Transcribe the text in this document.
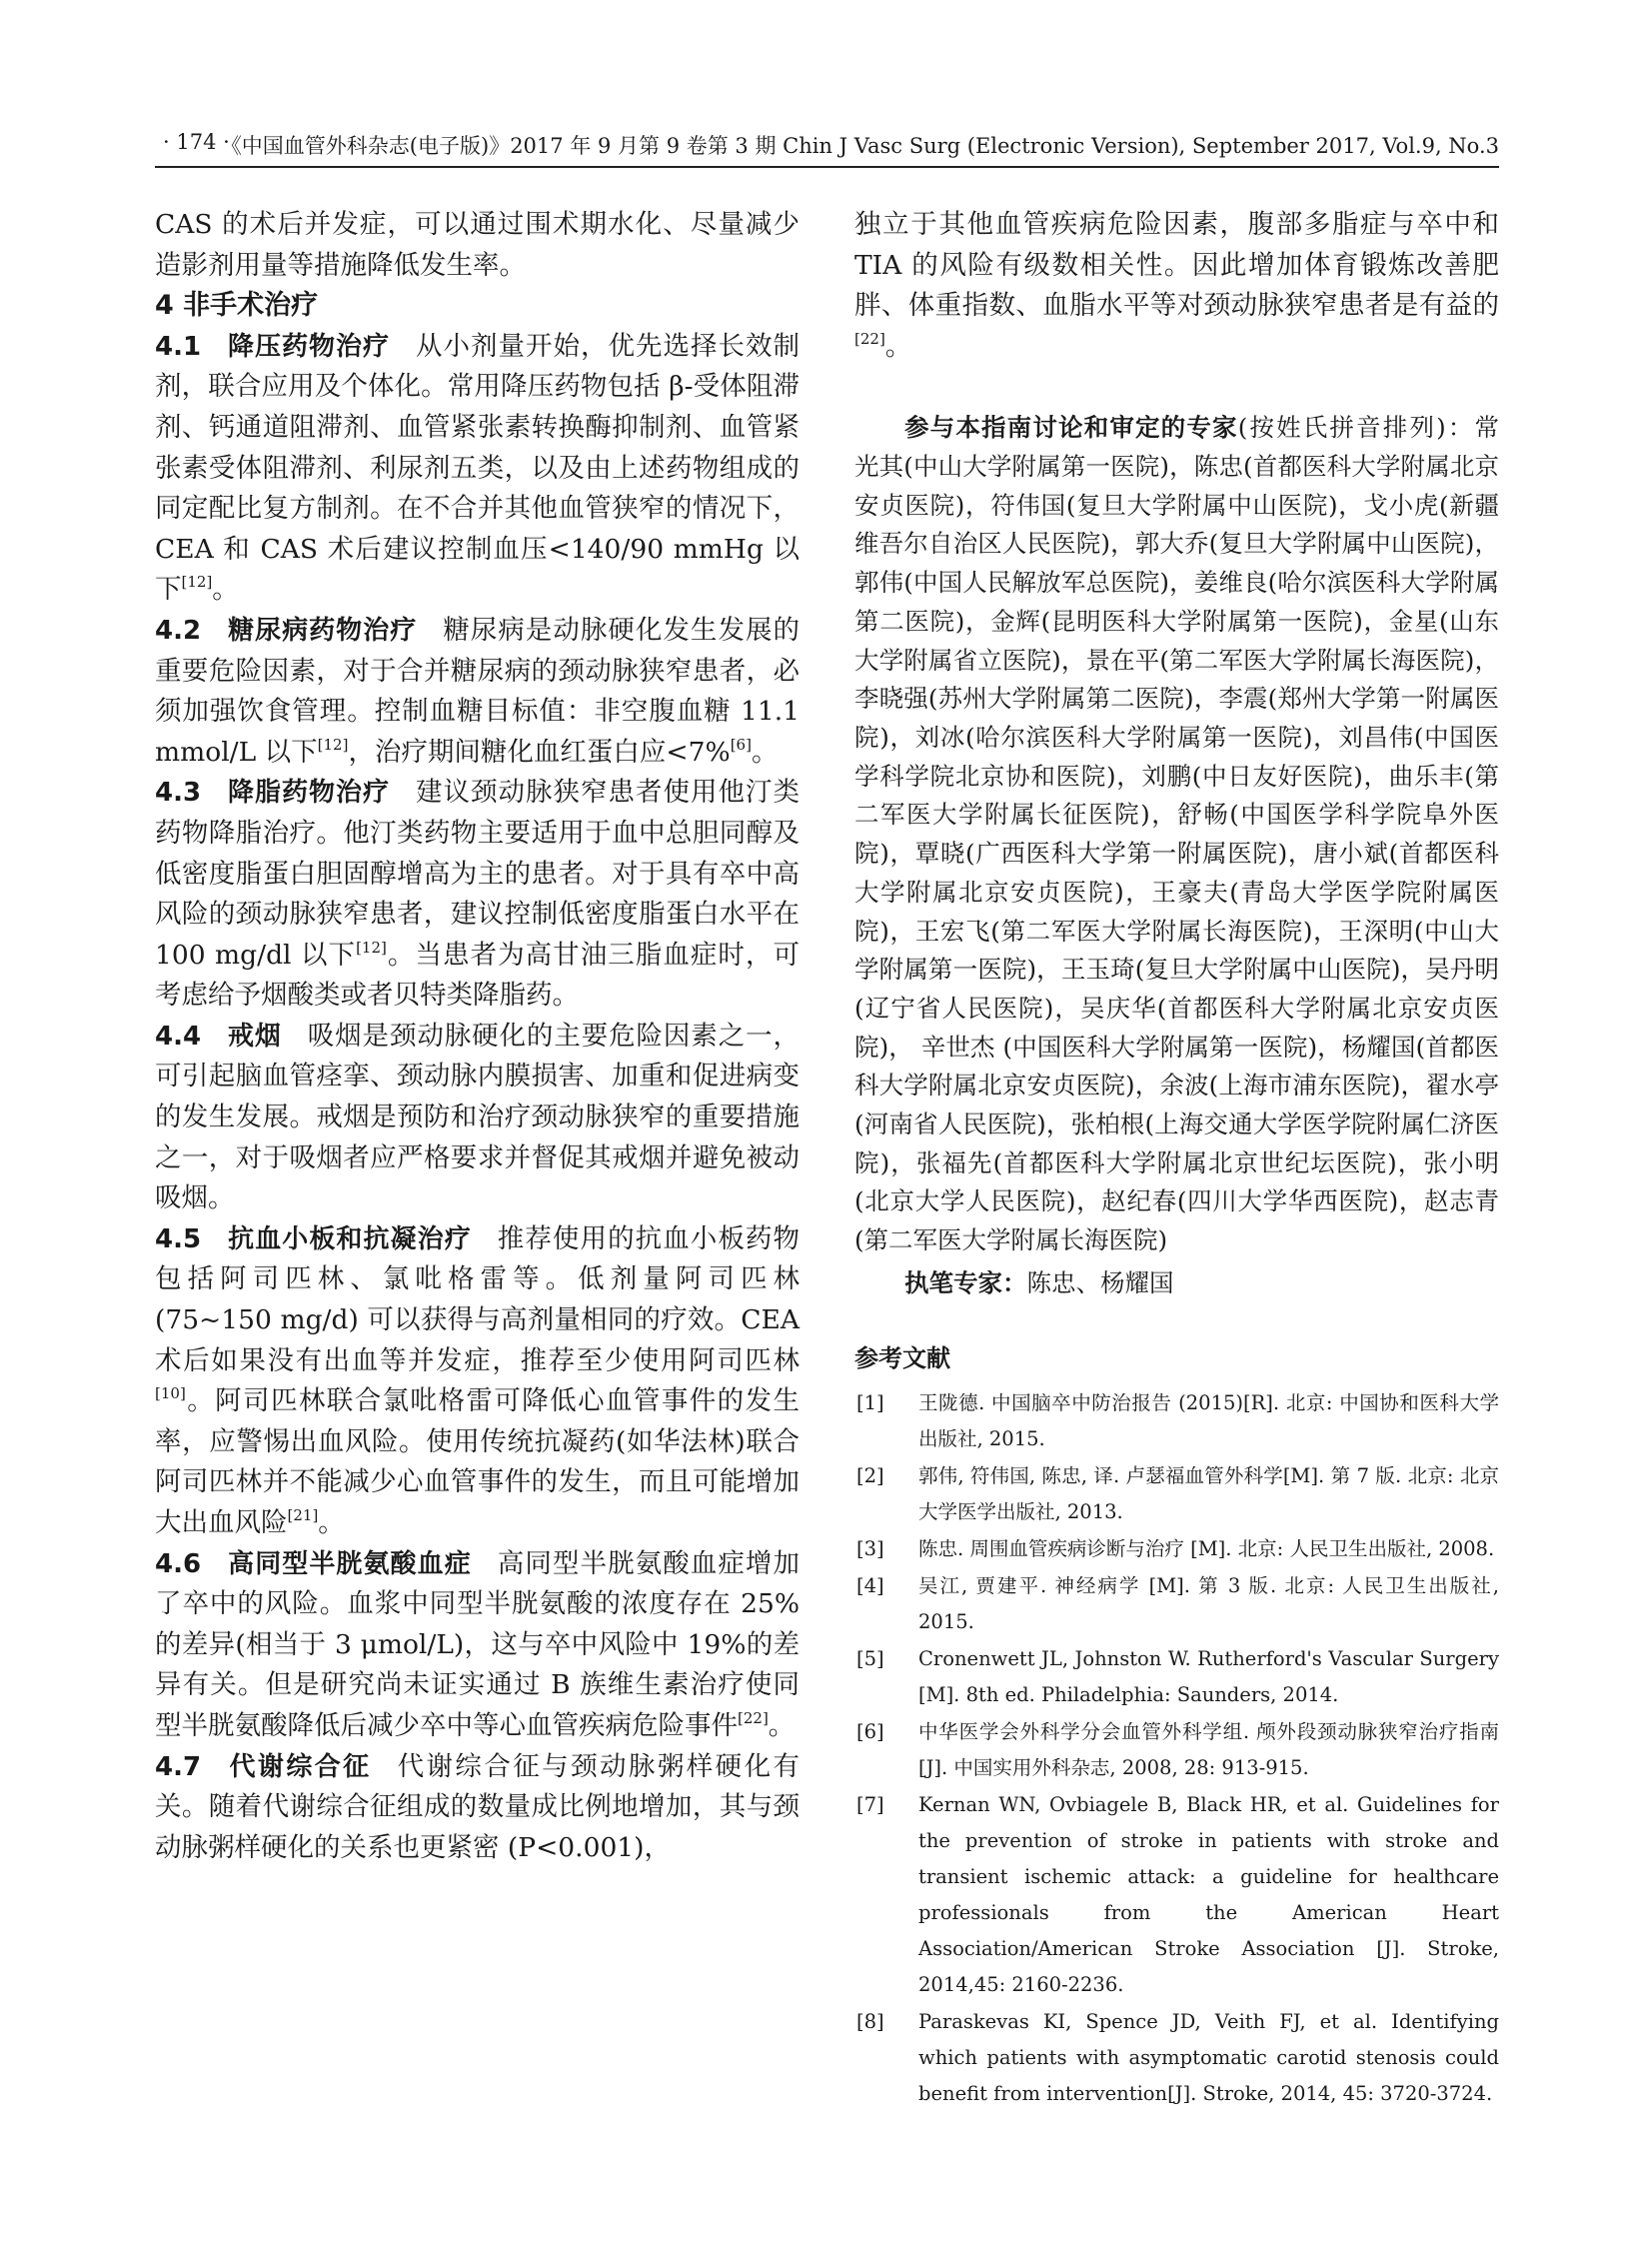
· 174 ·
《中国血管外科杂志(电子版)》2017 年 9 月第 9 卷第 3 期 Chin J Vasc Surg (Electronic Version), September 2017, Vol.9, No.3

CAS 的术后并发症，可以通过围术期水化、尽量减少造影剂用量等措施降低发生率。

4 非手术治疗

4.1 降压药物治疗 从小剂量开始，优先选择长效制剂，联合应用及个体化。常用降压药物包括 β-受体阻滞剂、钙通道阻滞剂、血管紧张素转换酶抑制剂、血管紧张素受体阻滞剂、利尿剂五类，以及由上述药物组成的同定配比复方制剂。在不合并其他血管狭窄的情况下，CEA 和 CAS 术后建议控制血压<140/90 mmHg 以下[12]。

4.2 糖尿病药物治疗 糖尿病是动脉硬化发生发展的重要危险因素，对于合并糖尿病的颈动脉狭窄患者，必须加强饮食管理。控制血糖目标值：非空腹血糖 11.1 mmol/L 以下[12]，治疗期间糖化血红蛋白应<7%[6]。

4.3 降脂药物治疗 建议颈动脉狭窄患者使用他汀类药物降脂治疗。他汀类药物主要适用于血中总胆同醇及低密度脂蛋白胆固醇增高为主的患者。对于具有卒中高风险的颈动脉狭窄患者，建议控制低密度脂蛋白水平在 100 mg/dl 以下[12]。当患者为高甘油三脂血症时，可考虑给予烟酸类或者贝特类降脂药。

4.4 戒烟 吸烟是颈动脉硬化的主要危险因素之一，可引起脑血管痉挛、颈动脉内膜损害、加重和促进病变的发生发展。戒烟是预防和治疗颈动脉狭窄的重要措施之一，对于吸烟者应严格要求并督促其戒烟并避免被动吸烟。

4.5 抗血小板和抗凝治疗 推荐使用的抗血小板药物包括阿司匹林、氯吡格雷等。低剂量阿司匹林(75~150 mg/d) 可以获得与高剂量相同的疗效。CEA 术后如果没有出血等并发症，推荐至少使用阿司匹林 [10]。阿司匹林联合氯吡格雷可降低心血管事件的发生率，应警惕出血风险。使用传统抗凝药(如华法林)联合阿司匹林并不能减少心血管事件的发生，而且可能增加大出血风险[21]。

4.6 高同型半胱氨酸血症 高同型半胱氨酸血症增加了卒中的风险。血浆中同型半胱氨酸的浓度存在 25%的差异(相当于 3 μmol/L)，这与卒中风险中 19%的差异有关。但是研究尚未证实通过 B 族维生素治疗使同型半胱氨酸降低后减少卒中等心血管疾病危险事件[22]。

4.7 代谢综合征 代谢综合征与颈动脉粥样硬化有关。随着代谢综合征组成的数量成比例地增加，其与颈动脉粥样硬化的关系也更紧密 (P<0.001)，

独立于其他血管疾病危险因素，腹部多脂症与卒中和 TIA 的风险有级数相关性。因此增加体育锻炼改善肥胖、体重指数、血脂水平等对颈动脉狭窄患者是有益的[22]。

参与本指南讨论和审定的专家(按姓氏拼音排列)：常光其(中山大学附属第一医院)，陈忠(首都医科大学附属北京安贞医院)，符伟国(复旦大学附属中山医院)，戈小虎(新疆维吾尔自治区人民医院)，郭大乔(复旦大学附属中山医院)，郭伟(中国人民解放军总医院)，姜维良(哈尔滨医科大学附属第二医院)，金辉(昆明医科大学附属第一医院)，金星(山东大学附属省立医院)，景在平(第二军医大学附属长海医院)，李晓强(苏州大学附属第二医院)，李震(郑州大学第一附属医院)，刘冰(哈尔滨医科大学附属第一医院)，刘昌伟(中国医学科学院北京协和医院)，刘鹏(中日友好医院)，曲乐丰(第二军医大学附属长征医院)，舒畅(中国医学科学院阜外医院)，覃晓(广西医科大学第一附属医院)，唐小斌(首都医科大学附属北京安贞医院)，王豪夫(青岛大学医学院附属医院)，王宏飞(第二军医大学附属长海医院)，王深明(中山大学附属第一医院)，王玉琦(复旦大学附属中山医院)，吴丹明(辽宁省人民医院)，吴庆华(首都医科大学附属北京安贞医院)， 辛世杰 (中国医科大学附属第一医院)，杨耀国(首都医科大学附属北京安贞医院)，余波(上海市浦东医院)，翟水亭(河南省人民医院)，张柏根(上海交通大学医学院附属仁济医院)，张福先(首都医科大学附属北京世纪坛医院)，张小明(北京大学人民医院)，赵纪春(四川大学华西医院)，赵志青(第二军医大学附属长海医院)
执笔专家：陈忠、杨耀国
参考文献
[1]	王陇德. 中国脑卒中防治报告 (2015)[R]. 北京: 中国协和医科大学出版社, 2015.
[2]	郭伟, 符伟国, 陈忠, 译. 卢瑟福血管外科学[M]. 第 7 版. 北京: 北京大学医学出版社, 2013.
[3]	陈忠. 周围血管疾病诊断与治疗 [M]. 北京: 人民卫生出版社, 2008.
[4]	吴江, 贾建平. 神经病学 [M]. 第 3 版. 北京: 人民卫生出版社, 2015.
[5]	Cronenwett JL, Johnston W. Rutherford's Vascular Surgery [M]. 8th ed. Philadelphia: Saunders, 2014.
[6]	中华医学会外科学分会血管外科学组. 颅外段颈动脉狭窄治疗指南[J]. 中国实用外科杂志, 2008, 28: 913-915.
[7]	Kernan WN, Ovbiagele B, Black HR, et al. Guidelines for the prevention of stroke in patients with stroke and transient ischemic attack: a guideline for healthcare professionals from the American Heart Association/American Stroke Association [J]. Stroke, 2014,45: 2160-2236.
[8]	Paraskevas KI, Spence JD, Veith FJ, et al. Identifying which patients with asymptomatic carotid stenosis could benefit from intervention[J]. Stroke, 2014, 45: 3720-3724.
